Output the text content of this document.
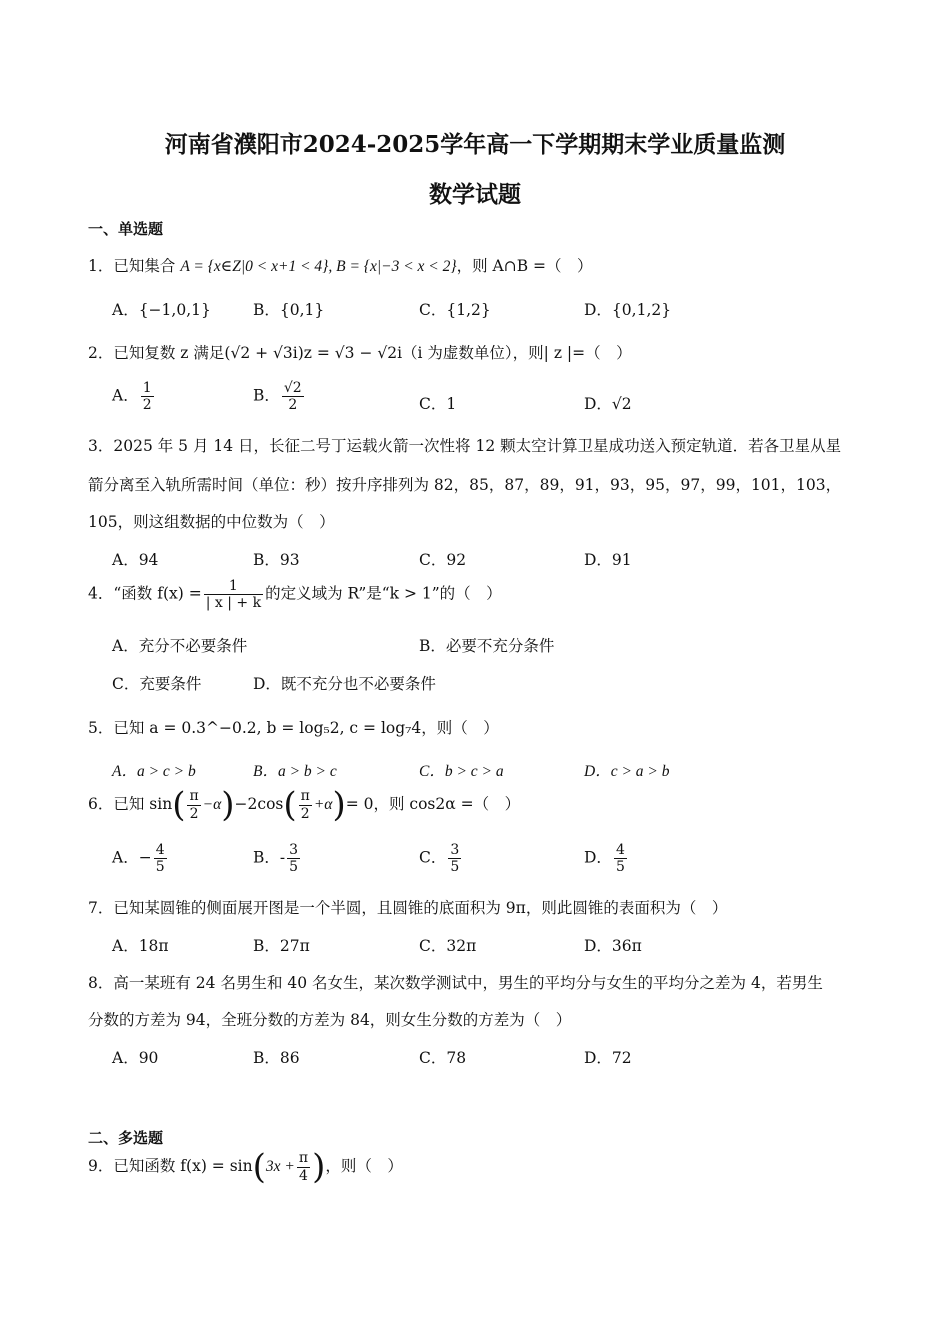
河南省濮阳市2024-2025学年高一下学期期末学业质量监测
数学试题
一、单选题
1．已知集合 A = {x∈Z|0 < x+1 < 4}, B = {x|−3 < x < 2}，则 A∩B =（　）
A．{−1,0,1}	B．{0,1}	C．{1,2}	D．{0,1,2}
2．已知复数 z 满足(√2 + √3i)z = √3 − √2i（i 为虚数单位），则| z |=（　）
A． $\frac{1}{2}$	B． $\frac{√2}{2}$	C．1	D．√2
3．2025 年 5 月 14 日，长征二号丁运载火箭一次性将 12 颗太空计算卫星成功送入预定轨道．若各卫星从星
箭分离至入轨所需时间（单位：秒）按升序排列为 82，85，87，89，91，93，95，97，99，101，103，
105，则这组数据的中位数为（　）
A．94	B．93	C．92	D．91
4．“函数 $f(x) = \frac{1}{| x | + k}$ 的定义域为 R”是“k > 1”的（　）
A．充分不必要条件	B．必要不充分条件
C．充要条件	D．既不充分也不必要条件
5．已知 a = 0.3^−0.2, b = log₅2, c = log₇4，则（　）
A．a > c > b	B．a > b > c	C．b > c > a	D．c > a > b
6．已知 $\sin( \frac{\pi}{2} -\alpha)-2\cos( \frac{\pi}{2} +\alpha)= 0$，则 cos2α =（　）
A．− $\frac{4}{5}$	B．- $\frac{3}{5}$	C． $\frac{3}{5}$	D． $\frac{4}{5}$
7．已知某圆锥的侧面展开图是一个半圆，且圆锥的底面积为 9π，则此圆锥的表面积为（　）
A．18π	B．27π	C．32π	D．36π
8．高一某班有 24 名男生和 40 名女生，某次数学测试中，男生的平均分与女生的平均分之差为 4，若男生
分数的方差为 94，全班分数的方差为 84，则女生分数的方差为（　）
A．90	B．86	C．78	D．72
二、多选题
9．已知函数 $f(x) = \sin(3x + \frac{\pi}{4}$ )，则（　）
